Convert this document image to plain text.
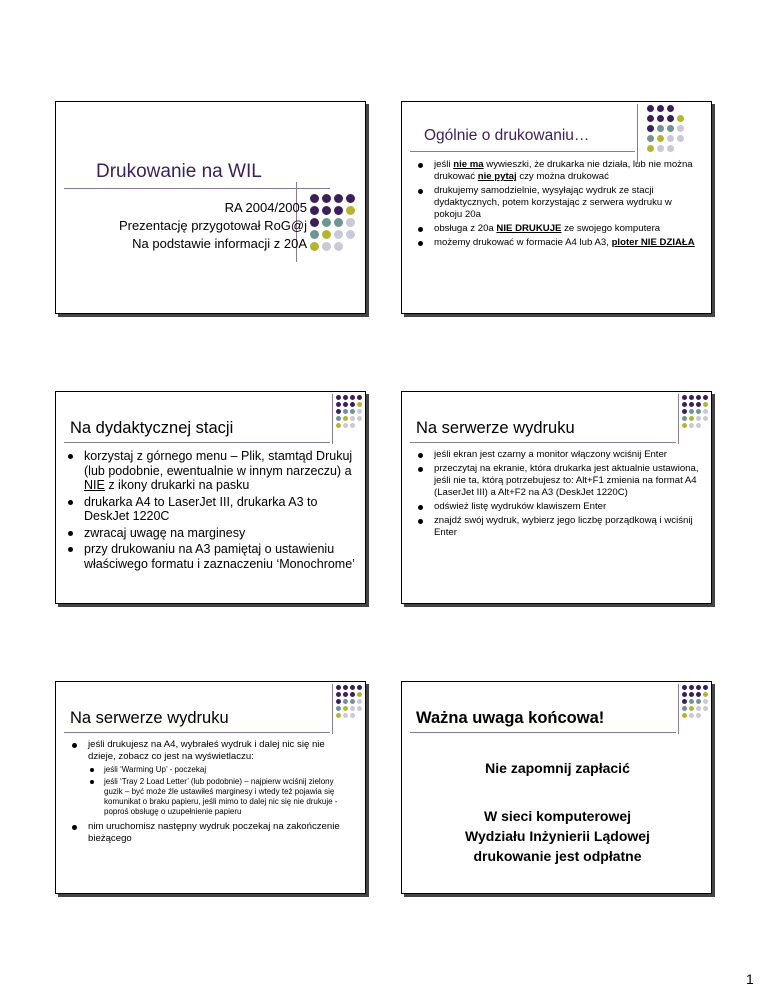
Drukowanie na WIL
RA 2004/2005
Prezentację przygotował RoG@j
Na podstawie informacji z 20A
Ogólnie o drukowaniu…
jeśli nie ma wywieszki, że drukarka nie działa, lub nie można drukować nie pytaj czy można drukować
drukujemy samodzielnie, wysyłając wydruk ze stacji dydaktycznych, potem korzystając z serwera wydruku w pokoju 20a
obsługa z 20a NIE DRUKUJE ze swojego komputera
możemy drukować w formacie A4 lub A3, ploter NIE DZIAŁA
Na dydaktycznej stacji
korzystaj z górnego menu – Plik, stamtąd Drukuj (lub podobnie, ewentualnie w innym narzeczu) a NIE z ikony drukarki na pasku
drukarka A4 to LaserJet III, drukarka A3 to DeskJet 1220C
zwracaj uwagę na marginesy
przy drukowaniu na A3 pamiętaj o ustawieniu właściwego formatu i zaznaczeniu ‘Monochrome’
Na serwerze wydruku
jeśli ekran jest czarny a monitor włączony wciśnij Enter
przeczytaj na ekranie, która drukarka jest aktualnie ustawiona, jeśli nie ta, którą potrzebujesz to: Alt+F1 zmienia na format A4 (LaserJet III) a Alt+F2 na A3 (DeskJet 1220C)
odśwież listę wydruków klawiszem Enter
znajdź swój wydruk, wybierz jego liczbę porządkową i wciśnij Enter
Na serwerze wydruku
jeśli drukujesz na A4, wybrałeś wydruk i dalej nic się nie dzieje, zobacz co jest na wyświetlaczu:
jeśli ‘Warming Up’ - poczekaj
jeśli ‘Tray 2 Load Letter’ (lub podobnie) – najpierw wciśnij zielony guzik – być może źle ustawiłeś marginesy i wtedy też pojawia się komunikat o braku papieru, jeśli mimo to dalej nic się nie drukuje - poproś obsługę o uzupełnienie papieru
nim uruchomisz następny wydruk poczekaj na zakończenie bieżącego
Ważna uwaga końcowa!
Nie zapomnij zapłacić
W sieci komputerowej
Wydziału Inżynierii Lądowej
drukowanie jest odpłatne
1
